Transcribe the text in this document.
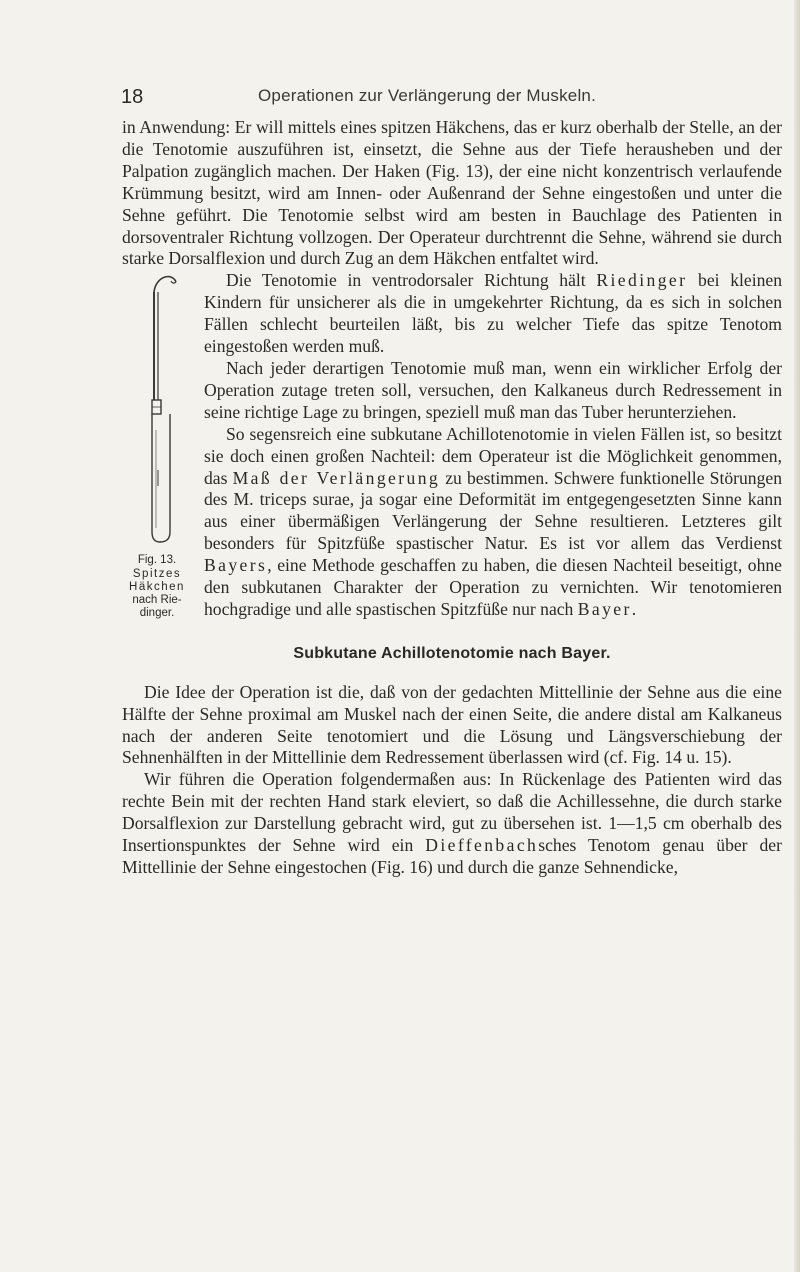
18	Operationen zur Verlängerung der Muskeln.

in Anwendung: Er will mittels eines spitzen Häkchens, das er kurz oberhalb der Stelle, an der die Tenotomie auszuführen ist, einsetzt, die Sehne aus der Tiefe herausheben und der Palpation zugänglich machen. Der Haken (Fig. 13), der eine nicht konzentrisch verlaufende Krümmung besitzt, wird am Innen- oder Außenrand der Sehne eingestoßen und unter die Sehne geführt. Die Tenotomie selbst wird am besten in Bauchlage des Patienten in dorsoventraler Richtung vollzogen. Der Operateur durchtrennt die Sehne, während sie durch starke Dorsalflexion und durch Zug an dem Häkchen entfaltet wird.

Fig. 13.
Spitzes
Häkchen
nach Rie-
dinger.

Die Tenotomie in ventrodorsaler Richtung hält Riedinger bei kleinen Kindern für unsicherer als die in umgekehrter Richtung, da es sich in solchen Fällen schlecht beurteilen läßt, bis zu welcher Tiefe das spitze Tenotom eingestoßen werden muß.

Nach jeder derartigen Tenotomie muß man, wenn ein wirklicher Erfolg der Operation zutage treten soll, versuchen, den Kalkaneus durch Redressement in seine richtige Lage zu bringen, speziell muß man das Tuber herunterziehen.

So segensreich eine subkutane Achillotenotomie in vielen Fällen ist, so besitzt sie doch einen großen Nachteil: dem Operateur ist die Möglichkeit genommen, das Maß der Verlängerung zu bestimmen. Schwere funktionelle Störungen des M. triceps surae, ja sogar eine Deformität im entgegengesetzten Sinne kann aus einer übermäßigen Verlängerung der Sehne resultieren. Letzteres gilt besonders für Spitzfüße spastischer Natur. Es ist vor allem das Verdienst Bayers, eine Methode geschaffen zu haben, die diesen Nachteil beseitigt, ohne den subkutanen Charakter der Operation zu vernichten. Wir tenotomieren hochgradige und alle spastischen Spitzfüße nur nach Bayer.

Subkutane Achillotenotomie nach Bayer.

Die Idee der Operation ist die, daß von der gedachten Mittellinie der Sehne aus die eine Hälfte der Sehne proximal am Muskel nach der einen Seite, die andere distal am Kalkaneus nach der anderen Seite tenotomiert und die Lösung und Längsverschiebung der Sehnenhälften in der Mittellinie dem Redressement überlassen wird (cf. Fig. 14 u. 15).

Wir führen die Operation folgendermaßen aus: In Rückenlage des Patienten wird das rechte Bein mit der rechten Hand stark eleviert, so daß die Achillessehne, die durch starke Dorsalflexion zur Darstellung gebracht wird, gut zu übersehen ist. 1—1,5 cm oberhalb des Insertionspunktes der Sehne wird ein Dieffenbachsches Tenotom genau über der Mittellinie der Sehne eingestochen (Fig. 16) und durch die ganze Sehnendicke,
